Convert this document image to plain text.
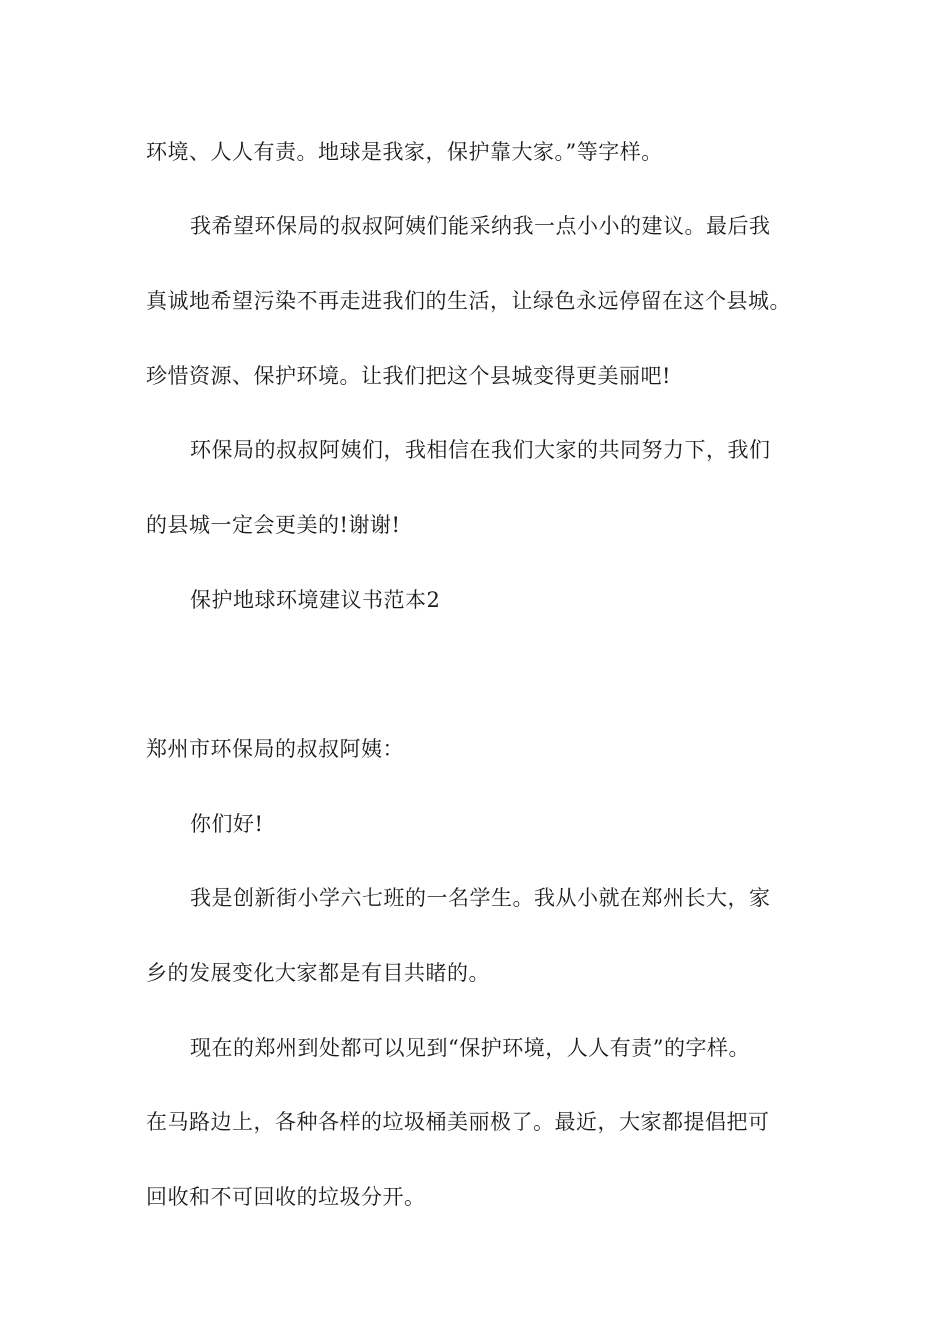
环境、人人有责。地球是我家，保护靠大家。”等字样。
我希望环保局的叔叔阿姨们能采纳我一点小小的建议。最后我
真诚地希望污染不再走进我们的生活，让绿色永远停留在这个县城。
珍惜资源、保护环境。让我们把这个县城变得更美丽吧!
环保局的叔叔阿姨们，我相信在我们大家的共同努力下，我们
的县城一定会更美的!谢谢!
保护地球环境建议书范本2
郑州市环保局的叔叔阿姨：
你们好!
我是创新街小学六七班的一名学生。我从小就在郑州长大，家
乡的发展变化大家都是有目共睹的。
现在的郑州到处都可以见到“保护环境，人人有责”的字样。
在马路边上，各种各样的垃圾桶美丽极了。最近，大家都提倡把可
回收和不可回收的垃圾分开。
